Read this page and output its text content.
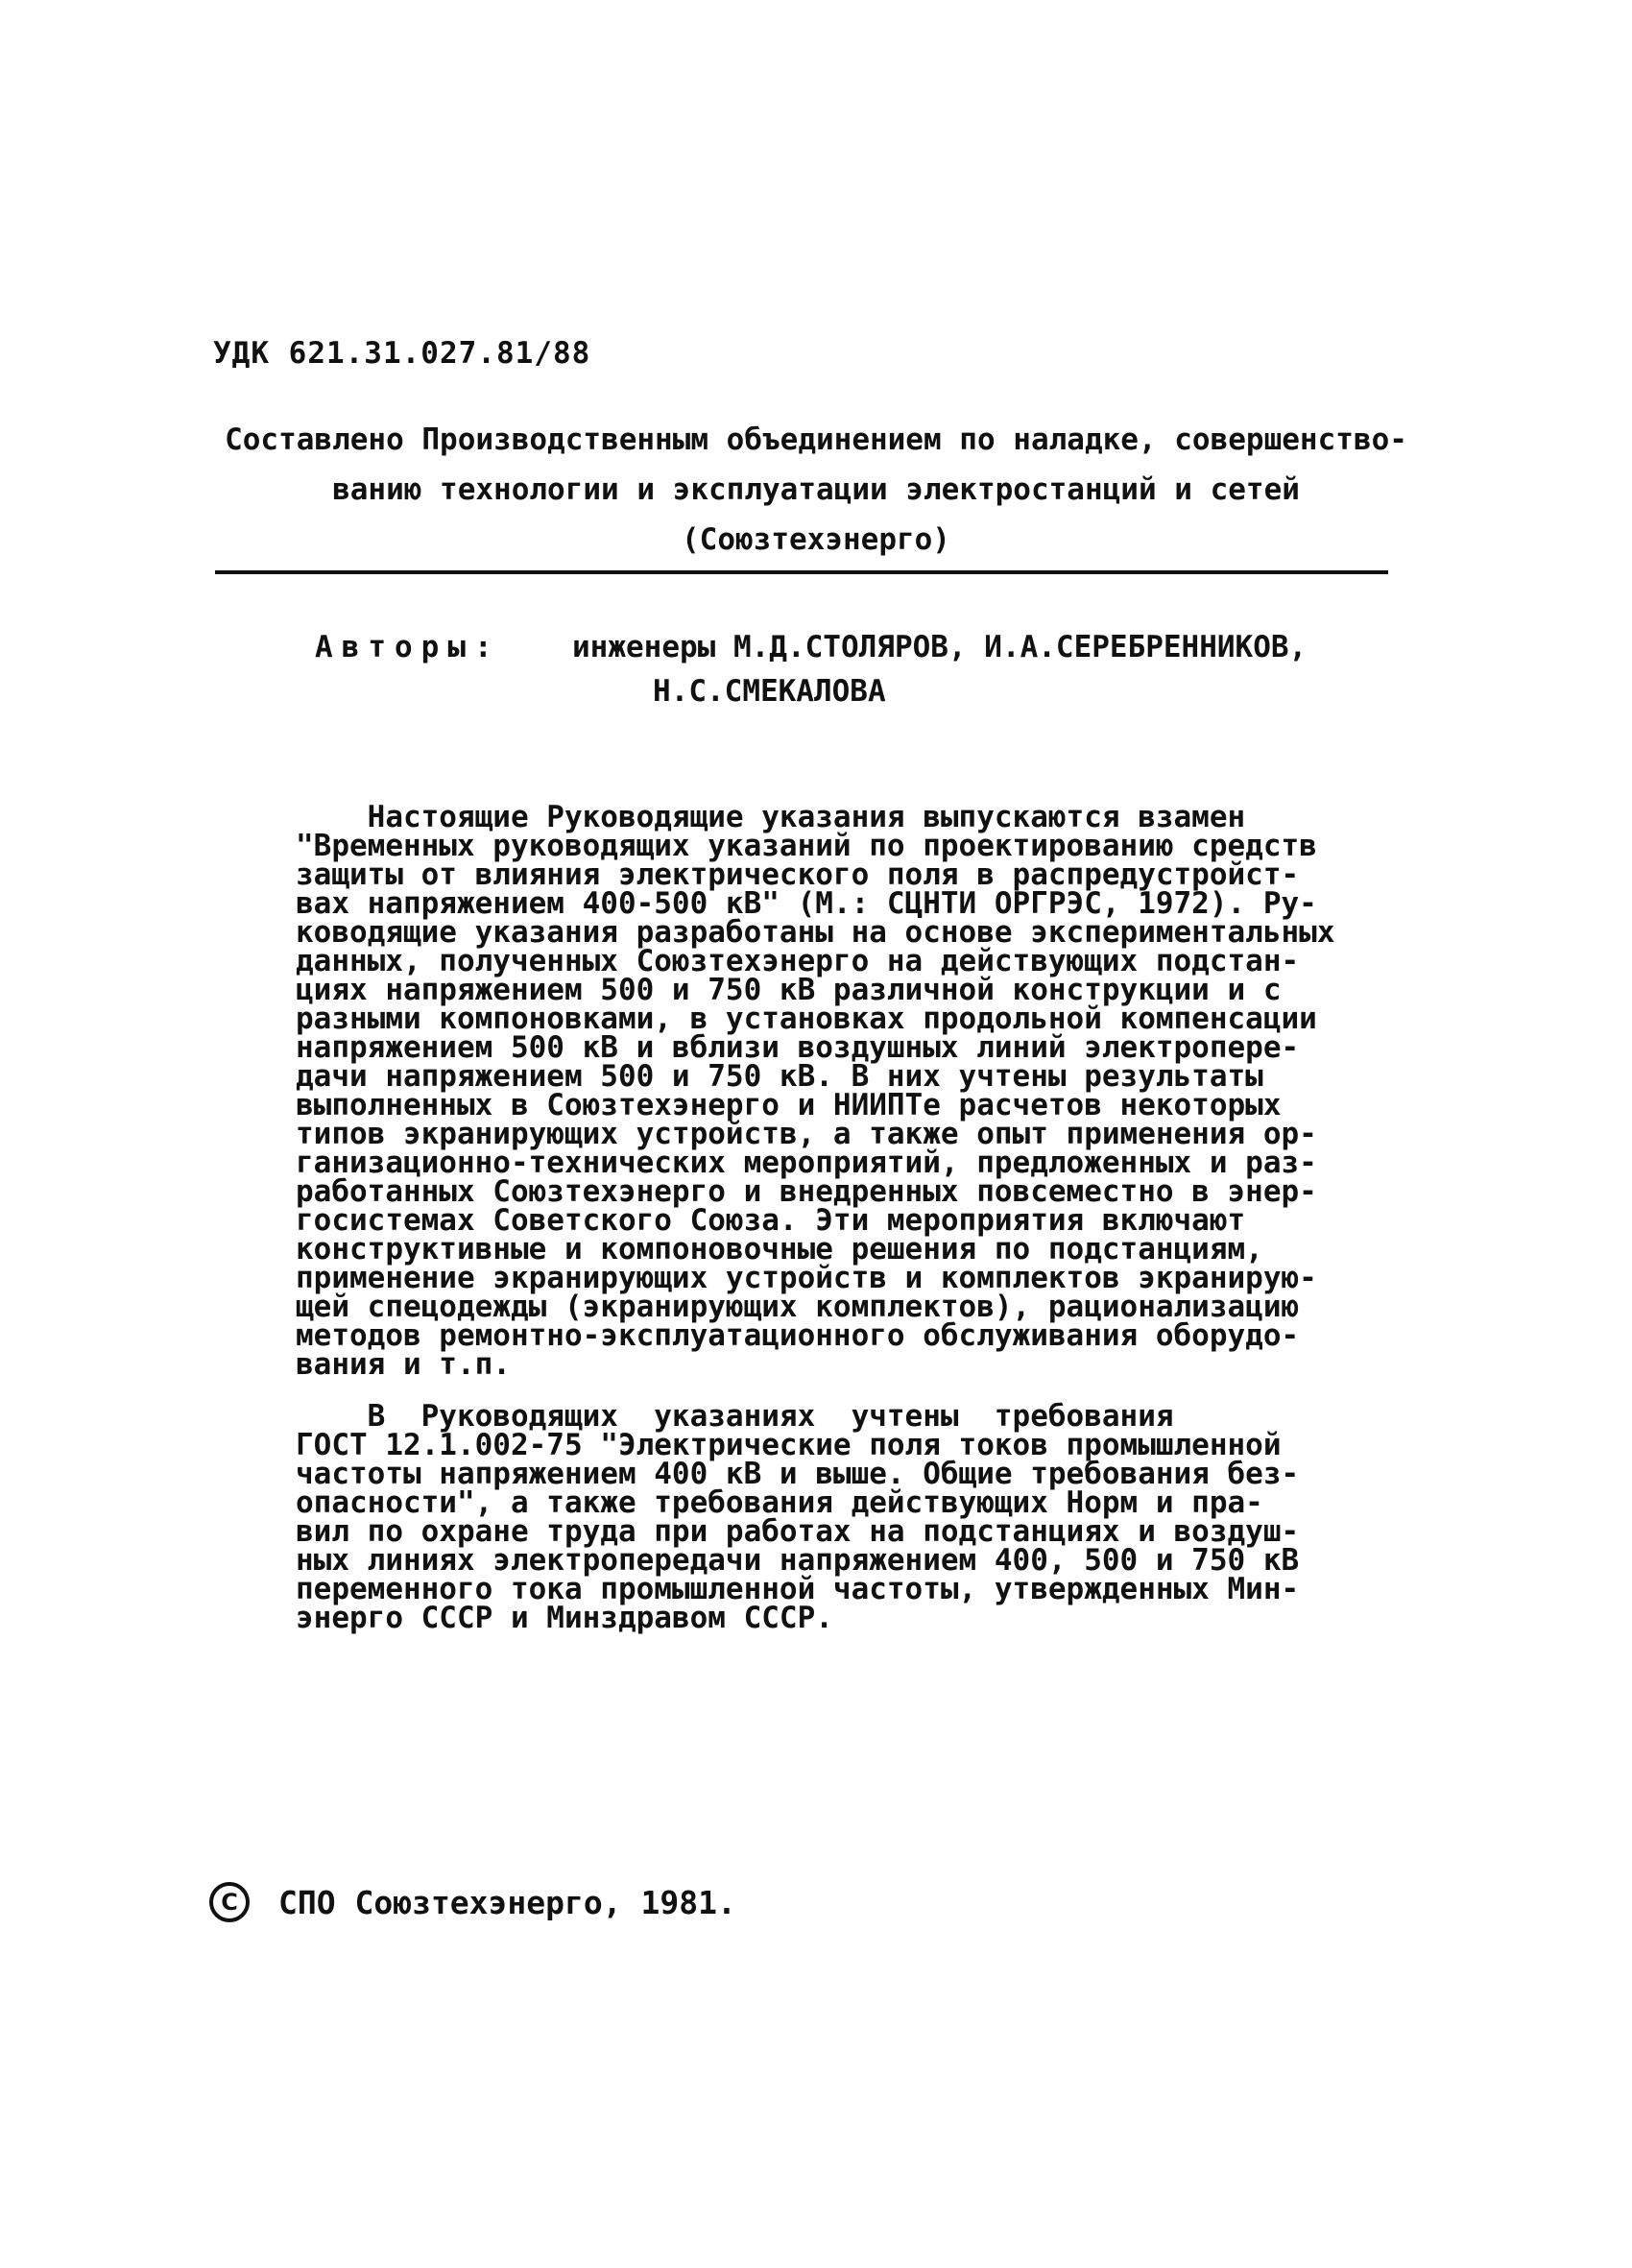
УДК 621.31.027.81/88
Составлено Производственным объединением по наладке, совершенство-
ванию технологии и эксплуатации электростанций и сетей
(Союзтехэнерго)
Авторы: инженеры М.Д.СТОЛЯРОВ, И.А.СЕРЕБРЕННИКОВ,
Н.С.СМЕКАЛОВА
Настоящие Руководящие указания выпускаются взамен
"Временных руководящих указаний по проектированию средств
защиты от влияния электрического поля в распредустройст-
вах напряжением 400-500 кВ" (М.: СЦНТИ ОРГРЭС, 1972). Ру-
ководящие указания разработаны на основе экспериментальных
данных, полученных Союзтехэнерго на действующих подстан-
циях напряжением 500 и 750 кВ различной конструкции и с
разными компоновками, в установках продольной компенсации
напряжением 500 кВ и вблизи воздушных линий электропере-
дачи напряжением 500 и 750 кВ. В них учтены результаты
выполненных в Союзтехэнерго и НИИПТе расчетов некоторых
типов экранирующих устройств, а также опыт применения ор-
ганизационно-технических мероприятий, предложенных и раз-
работанных Союзтехэнерго и внедренных повсеместно в энер-
госистемах Советского Союза. Эти мероприятия включают
конструктивные и компоновочные решения по подстанциям,
применение экранирующих устройств и комплектов экранирую-
щей спецодежды (экранирующих комплектов), рационализацию
методов ремонтно-эксплуатационного обслуживания оборудо-
вания и т.п.
В  Руководящих  указаниях  учтены  требования
ГОСТ 12.1.002-75 "Электрические поля токов промышленной
частоты напряжением 400 кВ и выше. Общие требования без-
опасности", а также требования действующих Норм и пра-
вил по охране труда при работах на подстанциях и воздуш-
ных линиях электропередачи напряжением 400, 500 и 750 кВ
переменного тока промышленной частоты, утвержденных Мин-
энерго СССР и Минздравом СССР.
C	СПО Союзтехэнерго, 1981.
